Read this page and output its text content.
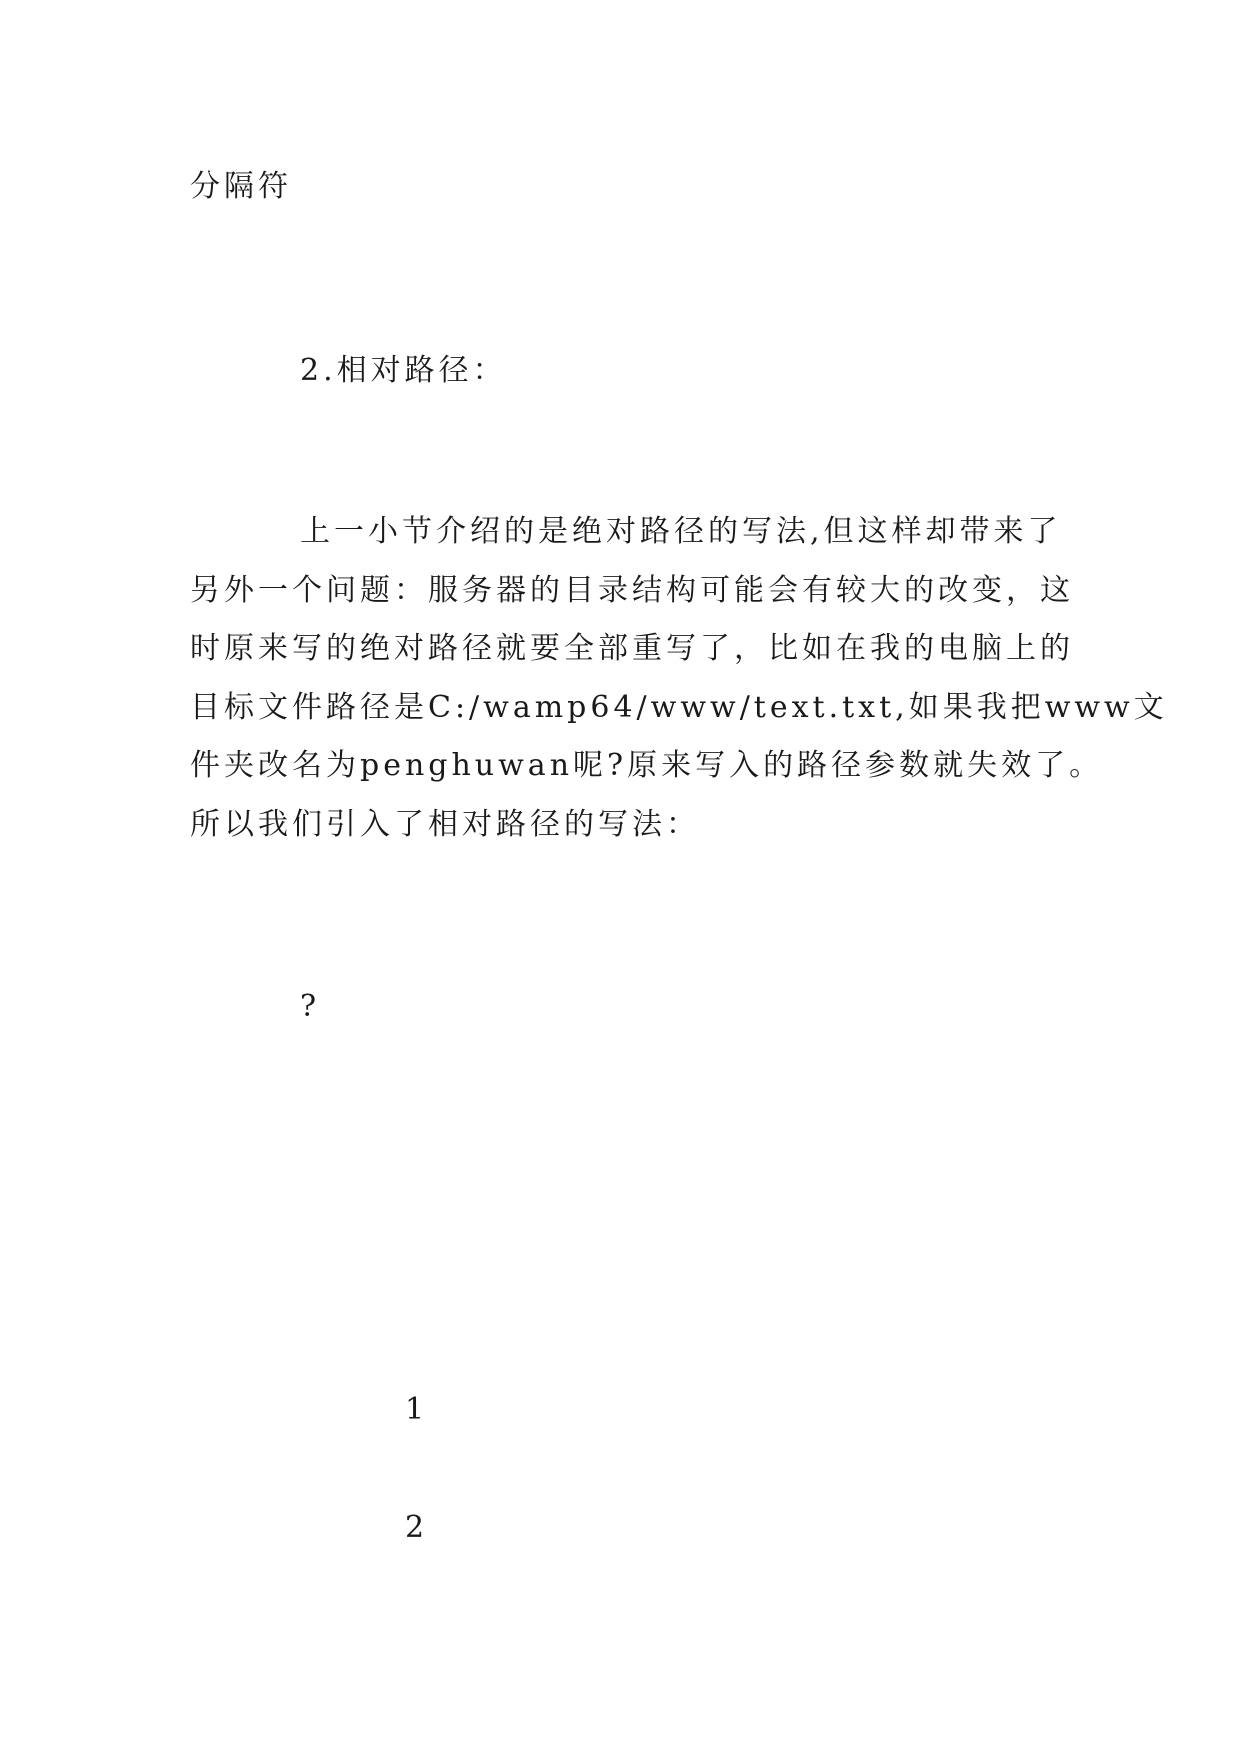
分隔符
2.相对路径：
上一小节介绍的是绝对路径的写法,但这样却带来了
另外一个问题：服务器的目录结构可能会有较大的改变，这
时原来写的绝对路径就要全部重写了，比如在我的电脑上的
目标文件路径是C:/wamp64/www/text.txt,如果我把www文
件夹改名为penghuwan呢?原来写入的路径参数就失效了。
所以我们引入了相对路径的写法：
?
1
2
